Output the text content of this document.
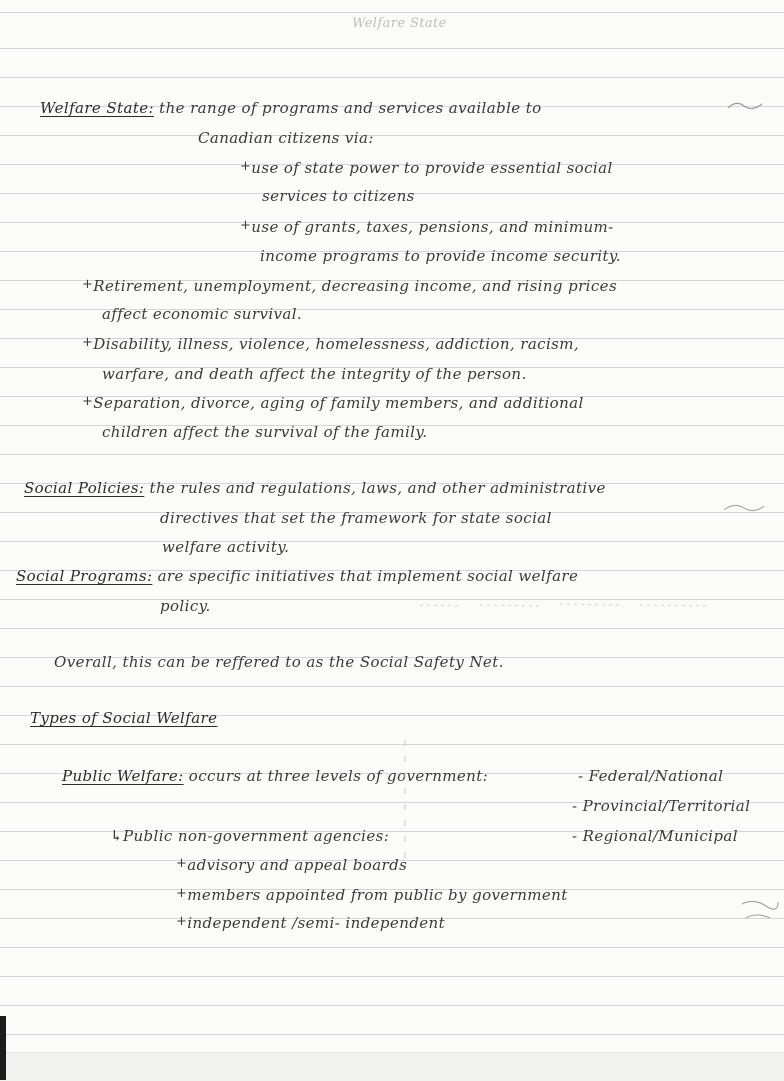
Welfare State
Welfare State: the range of programs and services available to
Canadian citizens via:
+use of state power to provide essential social
services to citizens
+use of grants, taxes, pensions, and minimum-
income programs to provide income security.
+Retirement, unemployment, decreasing income, and rising prices
affect economic survival.
+Disability, illness, violence, homelessness, addiction, racism,
warfare, and death affect the integrity of the person.
+Separation, divorce, aging of family members, and additional
children affect the survival of the family.
Social Policies: the rules and regulations, laws, and other administrative
directives that set the framework for state social
welfare activity.
Social Programs: are specific initiatives that implement social welfare
policy.
Overall, this can be reffered to as the Social Safety Net.
Types of Social Welfare
Public Welfare: occurs at three levels of government:	- Federal/National
- Provincial/Territorial
- Regional/Municipal
↳Public non-government agencies:
+advisory and appeal boards
+members appointed from public by government
+independent /semi- independent
